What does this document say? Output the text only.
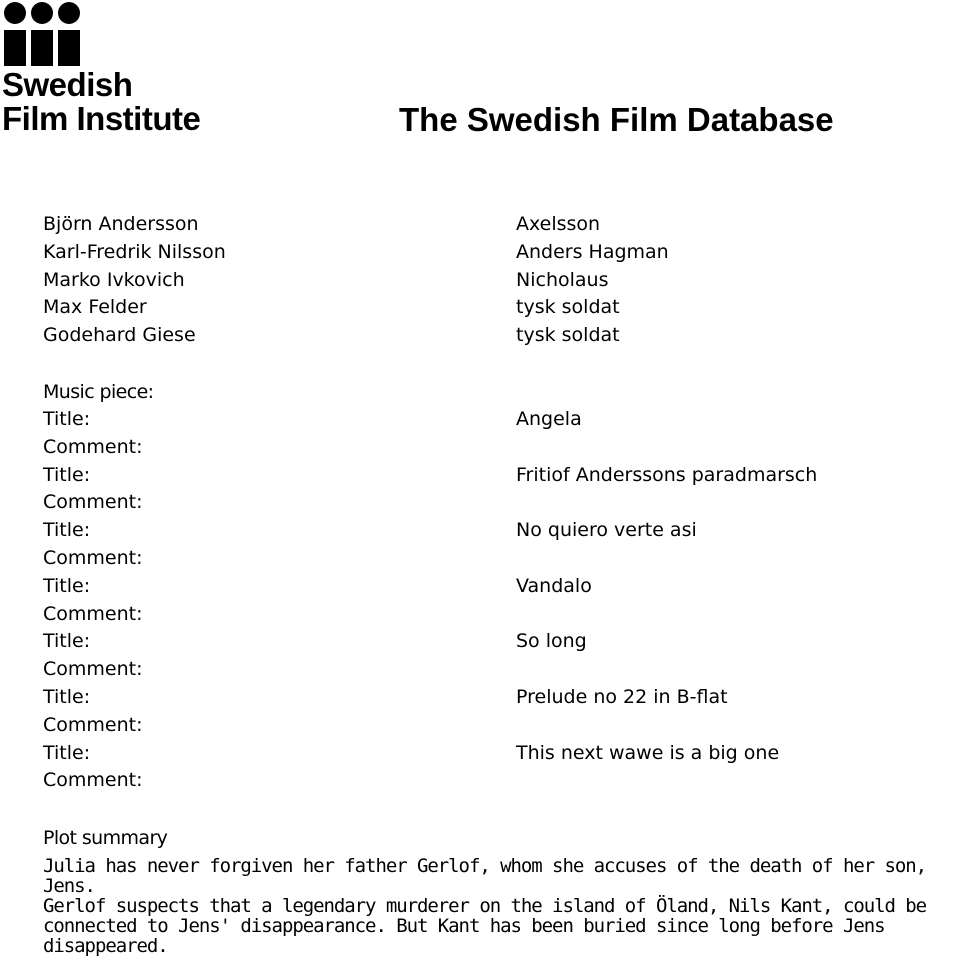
Swedish
Film Institute	The Swedish Film Database
Björn Andersson
Karl-Fredrik Nilsson
Marko Ivkovich
Max Felder
Godehard Giese
Axelsson
Anders Hagman
Nicholaus
tysk soldat
tysk soldat
Music piece:
Title:
Comment:
Title:
Comment:
Title:
Comment:
Title:
Comment:
Title:
Comment:
Title:
Comment:
Title:
Comment:
Angela
Fritiof Anderssons paradmarsch
No quiero verte asi
Vandalo
So long
Prelude no 22 in B-flat
This next wawe is a big one
Plot summary
Julia has never forgiven her father Gerlof, whom she accuses of the death of her son, Jens.
Gerlof suspects that a legendary murderer on the island of Öland, Nils Kant, could be
connected to Jens' disappearance. But Kant has been buried since long before Jens
disappeared.
